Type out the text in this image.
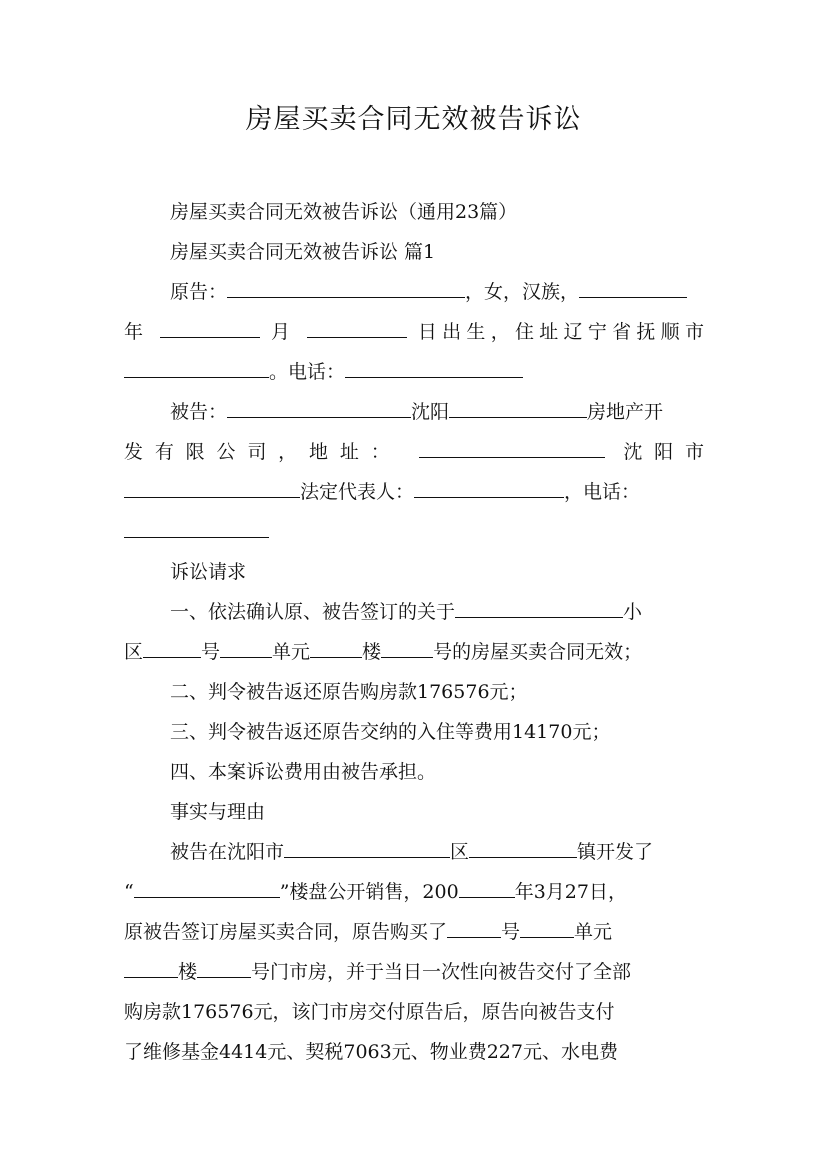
房屋买卖合同无效被告诉讼
房屋买卖合同无效被告诉讼（通用23篇）
房屋买卖合同无效被告诉讼 篇1
原告：	，女，汉族，
年	月	日出生，住址辽宁省抚顺市
。电话：
被告：	沈阳	房地产开
发有限公司，地址：	沈阳市
法定代表人：	，电话：
诉讼请求
一、依法确认原、被告签订的关于	小
区	号	单元	楼	号的房屋买卖合同无效；
二、判令被告返还原告购房款176576元；
三、判令被告返还原告交纳的入住等费用14170元；
四、本案诉讼费用由被告承担。
事实与理由
被告在沈阳市	区	镇开发了
“	”楼盘公开销售，200	年3月27日，
原被告签订房屋买卖合同，原告购买了	号	单元
楼	号门市房，并于当日一次性向被告交付了全部
购房款176576元，该门市房交付原告后，原告向被告支付
了维修基金4414元、契税7063元、物业费227元、水电费
